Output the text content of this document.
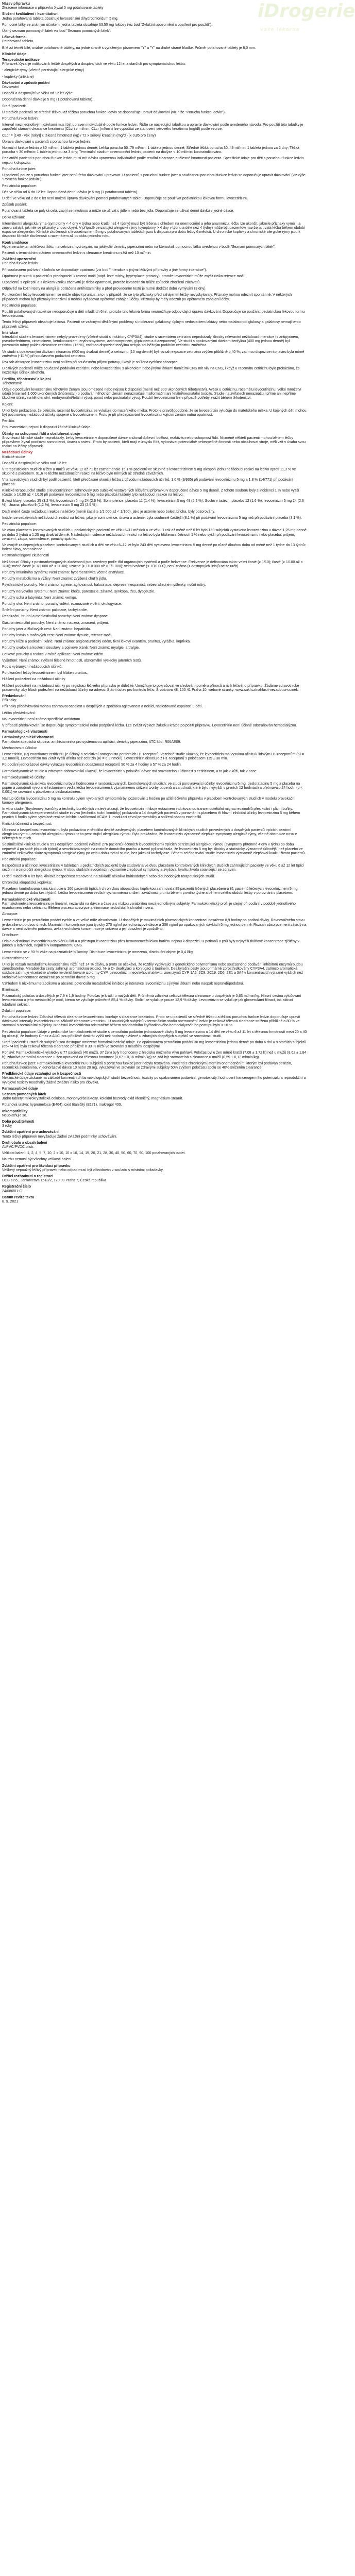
iDrogerie
vaše lékárna
Název přípravku
Zkrácené informace o přípravku Xyzal 5 mg potahované tablety
Složení kvalitativní i kvantitativní
Jedna potahovaná tableta obsahuje levocetirizini dihydrochloridum 5 mg.
Pomocné látky se známým účinkem: jedna tableta obsahuje 63,50 mg laktosy (viz bod "Zvláštní upozornění a opatření pro použití").
Úplný seznam pomocných látek viz bod "Seznam pomocných látek".
Léková forma
Potahovaná tableta.
Bílé až téměř bílé, oválné potahované tablety, na jedné straně s vyraženým písmenem "Y" a "Y" na druhé straně hladké. Průměr potahované tablety je 8,0 mm.
Klinické údaje
Terapeutické indikace
Přípravek Xyzal je indikován k léčbě dospělých a dospívajících ve věku 12 let a starších pro symptomatickou léčbu:
- alergické rýmy (včetně perzistující alergické rýmy)
- kopřivky (urtikárie)
Dávkování a způsob podání
Dávkování
Dospělí a dospívající ve věku od 12 let výše:
Doporučená denní dávka je 5 mg (1 potahovaná tableta).
Starší pacienti:
U starších pacientů se středně těžkou až těžkou poruchou funkce ledvin se doporučuje upravit dávkování (viz níže "Porucha funkce ledvin").
Porucha funkce ledvin:
Interval mezi jednotlivými dávkami musí být upraven individuálně podle funkce ledvin. Řiďte se následující tabulkou a upravte dávkování podle uvedeného návodu. Pro použití této tabulky je zapotřebí stanovit clearance kreatininu (CLcr) v ml/min. CLcr (ml/min) lze vypočítat ze stanovení sérového kreatininu (mg/dl) podle vzorce:
CLcr = [140 - věk (roky)] x tělesná hmotnost (kg) / 72 x sérový kreatinin (mg/dl) (x 0,85 pro ženy)
Úprava dávkování u pacientů s poruchou funkce ledvin:
Normální funkce ledvin ≥ 80 ml/min: 1 tableta jednou denně; Lehká porucha 50–79 ml/min: 1 tableta jednou denně; Středně těžká porucha 30–49 ml/min: 1 tableta jednou za 2 dny; Těžká porucha < 30 ml/min: 1 tableta jednou za 3 dny; Terminální stadium onemocnění ledvin, pacienti na dialýze < 10 ml/min: kontraindikováno.
Pediatričtí pacienti s poruchou funkce ledvin musí mít dávku upravenou individuálně podle renální clearance a tělesné hmotnosti pacienta. Specifické údaje pro děti s poruchou funkce ledvin nejsou k dispozici.
Porucha funkce jater:
U pacientů pouze s poruchou funkce jater není třeba dávkování upravovat. U pacientů s poruchou funkce jater a současnou poruchou funkce ledvin se doporučuje upravit dávkování (viz výše "Porucha funkce ledvin").
Pediatrická populace:
Děti ve věku od 6 do 12 let: Doporučená denní dávka je 5 mg (1 potahovaná tableta).
U dětí ve věku od 2 do 6 let není možná úprava dávkování pomocí potahovaných tablet. Doporučuje se používat pediatrickou lékovou formu levocetirizinu.
Způsob podání:
Potahovaná tableta se polyká celá, zapíjí se tekutinou a může se užívat s jídlem nebo bez jídla. Doporučuje se užívat denní dávku v jedné dávce.
Délka užívání:
Intermitentní alergická rýma (symptomy < 4 dny v týdnu nebo kratší než 4 týdny) musí být léčena s ohledem na onemocnění a jeho anamnézu; léčbu lze ukončit, jakmile příznaky vymizí, a znovu zahájit, jakmile se příznaky znovu objeví. V případě perzistující alergické rýmy (symptomy > 4 dny v týdnu a déle než 4 týdny) může být pacientovi navržena trvalá léčba během období expozice alergenům. Klinické zkušenosti s levocetirizinem 5 mg v potahovaných tabletách jsou k dispozici pro dobu léčby 6 měsíců. U chronické kopřivky a chronické alergické rýmy jsou k dispozici klinické zkušenosti s racemátem až po dobu jednoho roku.
Kontraindikace
Hypersenzitivita na léčivou látku, na cetirizin, hydroxyzin, na jakékoliv deriváty piperazinu nebo na kteroukoli pomocnou látku uvedenou v bodě "Seznam pomocných látek".
Pacienti s terminálním stádiem onemocnění ledvin s clearance kreatininu nižší než 10 ml/min.
Zvláštní upozornění
Porucha funkce ledvin:
Při současném požívání alkoholu se doporučuje opatrnost (viz bod "Interakce s jinými léčivými přípravky a jiné formy interakce").
Opatrnost je nutná u pacientů s predispozicí k retenci moči (např. léze míchy, hyperplazie prostaty), protože levocetirizin může zvýšit riziko retence moči.
U pacientů s epilepsií a s rizikem vzniku záchvatů je třeba opatrnosti, protože levocetirizin může způsobit zhoršení záchvatů.
Odpověď na kožní testy na alergii je potlačena antihistaminiky a před provedením testů je nutné dodržet dobu vymývání (3 dny).
Po ukončení léčby levocetirizinem se může objevit pruritus, a to i v případě, že se tyto příznaky před zahájením léčby nevyskytovaly. Příznaky mohou odeznít spontánně. V některých případech mohou být příznaky intenzivní a mohou vyžadovat opětovné zahájení léčby. Příznaky by měly odeznít po opětovném zahájení léčby.
Pediatrická populace:
Použití potahovaných tablet se nedoporučuje u dětí mladších 6 let, protože tato léková forma neumožňuje odpovídající úpravu dávkování. Doporučuje se používat pediatrickou lékovou formu levocetirizinu.
Tento léčivý přípravek obsahuje laktosu. Pacienti se vzácnými dědičnými problémy s intolerancí galaktosy, úplným nedostatkem laktázy nebo malabsorpcí glukosy a galaktosy nemají tento přípravek užívat.
Interakce
Interakční studie s levocetirizinem nebyly provedeny (včetně studií s induktory CYP3A4); studie s racemátem cetirizinu neprokázaly klinicky relevantní nežádoucí interakce (s antipyrinem, pseudoefedrinem, cimetidinem, ketokonazolem, erythromycinem, azithromycinem, glipizidem a diazepamem). Ve studii s opakovanými dávkami teofylinu (400 mg jednou denně) byl pozorován mírný pokles clearance cetirizinu (16 %), zatímco dispozice teofylinu nebyla souběžným podáním cetirizinu změněna.
Ve studii s opakovanými dávkami ritonaviru (600 mg dvakrát denně) a cetirizinu (10 mg denně) byl rozsah expozice cetirizinu zvýšen přibližně o 40 %, zatímco dispozice ritonaviru byla mírně změněna (-11 %) při současném podávání cetirizinu.
Rozsah absorpce levocetirizinu není snížen při současném příjmu potravy, i když je snížena rychlost absorpce.
U citlivých pacientů může současné podávání cetirizinu nebo levocetirizinu s alkoholem nebo jinými látkami tlumícími CNS mít vliv na CNS, i když u racemátu cetirizinu bylo prokázáno, že nezesiluje účinek alkoholu.
Fertilita, těhotenství a kojení
Těhotenství:
Údaje o podávání levocetirizinu těhotným ženám jsou omezené nebo nejsou k dispozici (méně než 300 ukončených těhotenství). Avšak u cetirizinu, racemátu levocetirizinu, velké množství údajů (více než 1 000 ukončených těhotenství) o podávání těhotným ženám nenaznačuje malformační ani fetální/neonatální toxicitu. Studie na zvířatech nenaznačují přímé ani nepřímé škodlivé účinky na těhotenství, embryonální/fetální vývoj, porod nebo postnatální vývoj. Použití levocetirizinu lze v případě potřeby zvážit během těhotenství.
Kojení:
U lidí bylo prokázáno, že cetirizin, racemát levocetirizinu, se vylučuje do mateřského mléka. Proto je pravděpodobné, že se levocetirizin vylučuje do mateřského mléka. U kojených dětí mohou být pozorovány nežádoucí účinky spojené s levocetirizinem. Proto je při předepisování levocetirizinu kojícím ženám nutná opatrnost.
Fertilita:
Pro levocetirizin nejsou k dispozici žádné klinické údaje.
Účinky na schopnost řídit a obsluhovat stroje
Srovnávací klinické studie neprokázaly, že by levocetirizin v doporučené dávce snižoval duševní bdělost, reaktivitu nebo schopnost řídit. Nicméně někteří pacienti mohou během léčby přípravkem Xyzal pociťovat somnolenci, únavu a astenii. Proto by pacienti, kteří mají v úmyslu řídit, vykonávat potenciálně nebezpečné činnosti nebo obsluhovat stroje, měli vzít v úvahu svou reakci na léčivý přípravek.
Nežádoucí účinky
Klinické studie
Dospělí a dospívající ve věku nad 12 let:
V terapeutických studiích u žen a mužů ve věku 12 až 71 let zaznamenalo 15,1 % pacientů ve skupině s levocetirizinem 5 mg alespoň jednu nežádoucí reakci na léčivo oproti 11,3 % ve skupině s placebem. 91,6 % těchto nežádoucích reakcí na léčivo bylo mírných až středně závažných.
V terapeutických studiích byl podíl pacientů, kteří předčasně ukončili léčbu z důvodu nežádoucích účinků, 1,0 % (9/935) při podávání levocetirizinu 5 mg a 1,8 % (14/771) při podávání placeba.
Klinické terapeutické studie s levocetirizinem zahrnovaly 935 subjektů vystavených léčivému přípravku v doporučené dávce 5 mg denně. Z tohoto souboru byly s incidencí 1 % nebo vyšší (časté: ≥ 1/100 až < 1/10) při podávání levocetirizinu 5 mg nebo placeba hlášeny tyto nežádoucí reakce na léčivo:
Bolest hlavy: placebo 25 (3,2 %), levocetirizin 5 mg 24 (2,6 %); Somnolence: placebo 11 (1,4 %), levocetirizin 5 mg 49 (5,2 %); Sucho v ústech: placebo 12 (1,6 %), levocetirizin 5 mg 24 (2,6 %); Únava: placebo 9 (1,2 %), levocetirizin 5 mg 23 (2,5 %).
Další méně časté nežádoucí reakce na léčivo (méně časté ≥ 1/1 000 až < 1/100), jako je astenie nebo bolest břicha, byly pozorovány.
Incidence sedativních nežádoucích reakcí na léčivo, jako je somnolence, únava a astenie, byla souhrnně častější (8,1 %) při podávání levocetirizinu 5 mg než při podávání placeba (3,1 %).
Pediatrická populace:
Ve dvou placebem kontrolovaných studiích u pediatrických pacientů ve věku 6–11 měsíců a ve věku 1 rok až méně než 6 let bylo 159 subjektů vystaveno levocetirizinu v dávce 1,25 mg denně po dobu 2 týdnů a 1,25 mg dvakrát denně. Následující incidence nežádoucích reakcí na léčivo byla hlášena s četností 1 % nebo vyšší při podávání levocetirizinu nebo placeba: průjem, zvracení, zácpa, somnolence, poruchy spánku.
Ve dvojitě zaslepených placebem kontrolovaných studiích u dětí ve věku 6–12 let bylo 243 dětí vystaveno levocetirizinu 5 mg denně po různě dlouhou dobu od méně než 1 týdne do 13 týdnů: bolest hlavy, somnolence.
Postmarketingové zkušenosti
Nežádoucí účinky z postmarketingových zkušeností jsou uvedeny podle tříd orgánových systémů a podle frekvence. Frekvence je definována takto: velmi časté (≥ 1/10); časté (≥ 1/100 až < 1/10); méně časté (≥ 1/1 000 až < 1/100); vzácné (≥ 1/10 000 až < 1/1 000); velmi vzácné (< 1/10 000), není známo (z dostupných údajů nelze určit).
Poruchy imunitního systému: Není známo: hypersenzitivita včetně anafylaxe.
Poruchy metabolismu a výživy: Není známo: zvýšená chuť k jídlu.
Psychiatrické poruchy: Není známo: agrese, agitovanost, halucinace, deprese, nespavost, sebevražedné myšlenky, noční můry.
Poruchy nervového systému: Není známo: křeče, parestezie, závratě, synkopa, třes, dysgeuzie.
Poruchy ucha a labyrintu: Není známo: vertigo.
Poruchy oka: Není známo: poruchy vidění, rozmazané vidění, okulogyrace.
Srdeční poruchy: Není známo: palpitace, tachykardie.
Respirační, hrudní a mediastinální poruchy: Není známo: dyspnoe.
Gastrointestinální poruchy: Není známo: nauzea, zvracení, průjem.
Poruchy jater a žlučových cest: Není známo: hepatitida.
Poruchy ledvin a močových cest: Není známo: dysurie, retence moči.
Poruchy kůže a podkožní tkáně: Není známo: angioneurotický edém, fixní lékový exantém, pruritus, vyrážka, kopřivka.
Poruchy svalové a kosterní soustavy a pojivové tkáně: Není známo: myalgie, artralgie.
Celkové poruchy a reakce v místě aplikace: Není známo: edém.
Vyšetření: Není známo: zvýšení tělesné hmotnosti, abnormální výsledky jaterních testů.
Popis vybraných nežádoucích účinků:
Po ukončení léčby levocetirizinem byl hlášen pruritus.
Hlášení podezření na nežádoucí účinky
Hlášení podezření na nežádoucí účinky po registraci léčivého přípravku je důležité. Umožňuje to pokračovat ve sledování poměru přínosů a rizik léčivého přípravku. Žádáme zdravotnické pracovníky, aby hlásili podezření na nežádoucí účinky na adresu: Státní ústav pro kontrolu léčiv, Šrobárova 48, 100 41 Praha 10, webové stránky: www.sukl.cz/nahlasit-nezadouci-ucinek.
Předávkování
Příznaky:
Příznaky předávkování mohou zahrnovat ospalost u dospělých a zpočátku agitovanost a neklid, následované ospalostí u dětí.
Léčba předávkování:
Na levocetirizin není známo specifické antidotum.
V případě předávkování se doporučuje symptomatická nebo podpůrná léčba. Lze zvážit výplach žaludku krátce po požití přípravku. Levocetirizin není účinně odstraňován hemodialýzou.
Farmakologické vlastnosti
Farmakodynamické vlastnosti
Farmakoterapeutická skupina: antihistaminika pro systémovou aplikaci, deriváty piperazinu, ATC kód: R06AE09.
Mechanismus účinku:
Levocetirizin, (R) enantiomer cetirizinu, je účinný a selektivní antagonista periferních H1-receptorů. Vazebné studie ukázaly, že levocetirizin má vysokou afinitu k lidským H1-receptorům (Ki = 3,2 nmol/l). Levocetirizin má 2krát vyšší afinitu než cetirizin (Ki = 6,3 nmol/l). Levocetirizin disociuje z H1-receptorů s poločasem 115 ± 38 min.
Po podání jednorázové dávky vykazuje levocetirizin obsazenost receptorů 90 % za 4 hodiny a 57 % za 24 hodin.
Farmakodynamické studie u zdravých dobrovolníků ukazují, že levocetirizin v poloviční dávce má srovnatelnou účinnost s cetirizinem, a to jak v kůži, tak v nose.
Farmakodynamické účinky:
Farmakodynamická aktivita levocetirizinu byla hodnocena v randomizovaných, kontrolovaných studiích: ve studii porovnávající účinky levocetirizinu 5 mg, desloratadinu 5 mg a placeba na pupen a zarudnutí vyvolané histaminem vedla léčba levocetirizinem k významnému snížení tvorby pupenů a zarudnutí, které bylo nejvyšší v prvních 12 hodinách a přetrvávalo 24 hodin (p < 0,001) ve srovnání s placebem a desloratadinem.
Nástup účinku levocetirizinu 5 mg na kontrolu pylem vyvolaných symptomů byl pozorován 1 hodinu po užití léčivého přípravku v placebem kontrolovaných studiích v modelu provokační komory alergenem.
In vitro studie (Boydenovy komůrky a techniky buněčných vrstev) ukazují, že levocetirizin inhibuje eotaxinem indukovanou transendoteliální migraci eozinofilů přes kožní i plicní buňky. Farmakodynamická experimentální studie in vivo (technika kožní komůrky) prokázala u 14 dospělých pacientů v porovnání s placebem tři hlavní inhibiční účinky levocetirizinu 5 mg během prvních 6 hodin pylem vyvolané reakce: inhibici uvolňování VCAM-1, modulaci cévní permeability a snížení náboru eozinofilů.
Klinická účinnost a bezpečnost:
Účinnost a bezpečnost levocetirizinu byla prokázána v několika dvojitě zaslepených, placebem kontrolovaných klinických studiích provedených u dospělých pacientů trpících sezónní alergickou rýmou, celoroční alergickou rýmou nebo perzistující alergickou rýmou. Bylo prokázáno, že levocetirizin významně zlepšuje symptomy alergické rýmy, včetně obstrukce nosu v některých studiích.
Šestiměsíční klinická studie u 551 dospělých pacientů (včetně 276 pacientů léčených levocetirizinem) trpících perzistující alergickou rýmou (symptomy přítomné 4 dny v týdnu po dobu nejméně 4 po sobě jdoucích týdnů) a senzibilizovaných na roztoče domácího prachu a travní pyl prokázala, že levocetirizin 5 mg byl klinicky a statisticky významně účinnější než placebo ve zmírnění celkového skóre symptomů alergické rýmy po celou dobu trvání studie, bez jakékoli tachyfylaxe. Během celého trvání studie levocetirizin významně zlepšoval kvalitu života pacientů.
Pediatrická populace:
Bezpečnost a účinnost levocetirizinu v tabletách u pediatrických pacientů byla studována ve dvou placebem kontrolovaných klinických studiích zahrnujících pacienty ve věku 6 až 12 let trpící sezónní a celoroční alergickou rýmou. V obou studiích levocetirizin významně zlepšoval symptomy a zvyšoval kvalitu života související se zdravím.
U dětí mladších 6 let byla klinická bezpečnost stanovena na základě několika krátkodobých nebo dlouhodobých terapeutických studií.
Chronická idiopatická kopřivka:
Placebem kontrolovaná klinická studie u 166 pacientů trpících chronickou idiopatickou kopřivkou zahrnovala 85 pacientů léčených placebem a 81 pacientů léčených levocetirizinem 5 mg jednou denně po dobu šesti týdnů. Léčba levocetirizinem vedla k významnému snížení závažnosti pruritu během prvního týdne a během celého období léčby v porovnání s placebem.
Farmakokinetické vlastnosti
Farmakokinetika levocetirizinu je lineární, nezávislá na dávce a čase a s nízkou variabilitou mezi jednotlivými subjekty. Farmakokinetický profil je stejný při podání v podobě jednotlivého enantiomeru nebo cetirizinu. Během procesu absorpce a eliminace nedochází k chirální inverzi.
Absorpce:
Levocetirizin je po perorálním podání rychle a ve velké míře absorbován. U dospělých je maximálních plazmatických koncentrací dosaženo 0,9 hodiny po podání dávky. Rovnovážného stavu je dosaženo po dvou dnech. Maximální koncentrace jsou typicky 270 ng/ml po jednorázové dávce a 308 ng/ml po opakovaných dávkách 5 mg jednou denně. Rozsah absorpce není závislý na dávce a není ovlivněn potravou, avšak vrcholová koncentrace je snížena a její dosažení je zpožděno.
Distribuce:
Údaje o distribuci levocetirizinu do tkání u lidí a o přestupu levocetirizinu přes hematoencefalickou bariéru nejsou k dispozici. U potkanů a psů byly nejvyšší tkáňové koncentrace zjištěny v játrech a ledvinách, nejnižší v kompartmentu CNS.
Levocetirizin se z 90 % váže na plazmatické bílkoviny. Distribuce levocetirizinu je omezená, distribuční objem je 0,4 l/kg.
Biotransformace:
U lidí je rozsah metabolismu levocetirizinu nižší než 14 % dávky, a proto se očekává, že rozdíly vyplývající z genetického polymorfismu nebo současného podávání inhibitorů enzymů budou zanedbatelné. Metabolické cesty zahrnují aromatickou oxidaci, N- a O- dealkylaci a konjugaci s taurinem. Dealkylační cesty jsou primárně zprostředkovány CYP3A4, zatímco aromatická oxidace zahrnuje vícečetné a/nebo neidentifikované izoformy CYP. Levocetirizin neovlivňoval aktivitu izoenzymů CYP 1A2, 2C9, 2C19, 2D6, 2E1 a 3A4 v koncentracích výrazně vyšších než vrcholové koncentrace dosažené po perorální dávce 5 mg.
Vzhledem k nízkému metabolismu a absenci potenciálu metabolické inhibice je interakce levocetirizinu s jinými látkami nebo naopak nepravděpodobná.
Eliminace:
Plazmatický poločas u dospělých je 7,9 ± 1,9 hodiny. Poločas je kratší u malých dětí. Průměrná zdánlivá celková tělesná clearance u dospělých je 0,63 ml/min/kg. Hlavní cestou vylučování levocetirizinu a jeho metabolitů je moč, kterou se vylučuje průměrně 85,4 % dávky. Stolicí se vylučuje pouze 12,9 % dávky. Levocetirizin se vylučuje jak glomerulární filtrací, tak aktivní tubulární sekrecí.
Zvláštní populace:
Porucha funkce ledvin: Zdánlivá tělesná clearance levocetirizinu koreluje s clearance kreatininu. Proto se u pacientů se středně těžkou a těžkou poruchou funkce ledvin doporučuje upravit dávkovací intervaly levocetirizinu na základě clearance kreatininu. U anurických subjektů v terminálním stadiu onemocnění ledvin je celková tělesná clearance snížena přibližně o 80 % ve srovnání s normálními subjekty. Množství levocetirizinu odstraněné během standardního čtyřhodinového hemodialyzačního postupu bylo < 10 %.
Pediatrická populace: Údaje z pediatrické farmakokinetické studie s perorálním podáním jednorázové dávky 5 mg levocetirizinu u 14 dětí ve věku 6 až 11 let s tělesnou hmotností mezi 20 a 40 kg ukazují, že hodnoty Cmax a AUC jsou přibližně dvakrát vyšší než hodnoty hlášené u zdravých dospělých subjektů ve srovnávací studii.
Starší pacienti: U starších subjektů jsou dostupné omezené farmakokinetické údaje. Po opakovaném perorálním podání 30 mg levocetirizinu jednou denně po dobu 6 dní u 9 starších subjektů (65–74 let) byla celková tělesná clearance přibližně o 33 % nižší ve srovnání s mladšími dospělými.
Pohlaví: Farmakokinetické výsledky u 77 pacientů (40 mužů, 37 žen) byly hodnoceny z hlediska možného vlivu pohlaví. Poločas byl u žen mírně kratší (7,08 ± 1,72 h) než u mužů (8,62 ± 1,84 h); zdánlivá perorální clearance u žen upravená na tělesnou hmotnost (0,67 ± 0,16 ml/min/kg) se zdá být srovnatelná s clearance u mužů (0,59 ± 0,12 ml/min/kg).
Porucha funkce jater: Farmakokinetika levocetirizinu u subjektů s poruchou funkce jater nebyla testována. Pacienti s chronickým jaterním onemocněním, kterým byl podáván cetirizin, racemická sloučenina, v jednorázové dávce 10 nebo 20 mg, vykazovali ve srovnání se zdravými subjekty 50% zvýšení poločasu spolu se 40% snížením clearance.
Předklinické údaje vztahující se k bezpečnosti
Neklinické údaje získané na základě konvenčních farmakologických studií bezpečnosti, toxicity po opakovaném podávání, genotoxicity, hodnocení kancerogenního potenciálu a reprodukční a vývojové toxicity neodhalily žádné zvláštní riziko pro člověka.
Farmaceutické údaje
Seznam pomocných látek
Jádro tablety: mikrokrystalická celulosa, monohydrát laktosy, koloidní bezvodý oxid křemičitý, magnesium-stearát.
Potahová vrstva: hypromelosa (E464), oxid titaničitý (E171), makrogol 400.
Inkompatibility
Neuplatňuje se.
Doba použitelnosti
3 roky
Zvláštní opatření pro uchovávání
Tento léčivý přípravek nevyžaduje žádné zvláštní podmínky uchovávání.
Druh obalu a obsah balení
Al/PVC/PVDC blistr.
Velikost balení: 1, 2, 4, 5, 7, 10, 2 x 10, 10 x 10, 14, 15, 20, 21, 28, 30, 40, 50, 60, 70, 90, 100 potahovaných tablet.
Na trhu nemusí být všechny velikosti balení.
Zvláštní opatření pro likvidaci přípravku
Veškerý nepoužitý léčivý přípravek nebo odpad musí být zlikvidován v souladu s místními požadavky.
Držitel rozhodnutí o registraci
UCB s.r.o., Jankovcova 1518/2, 170 00 Praha 7, Česká republika
Registrační číslo
24/086/01-C
Datum revize textu
8. 9. 2021
